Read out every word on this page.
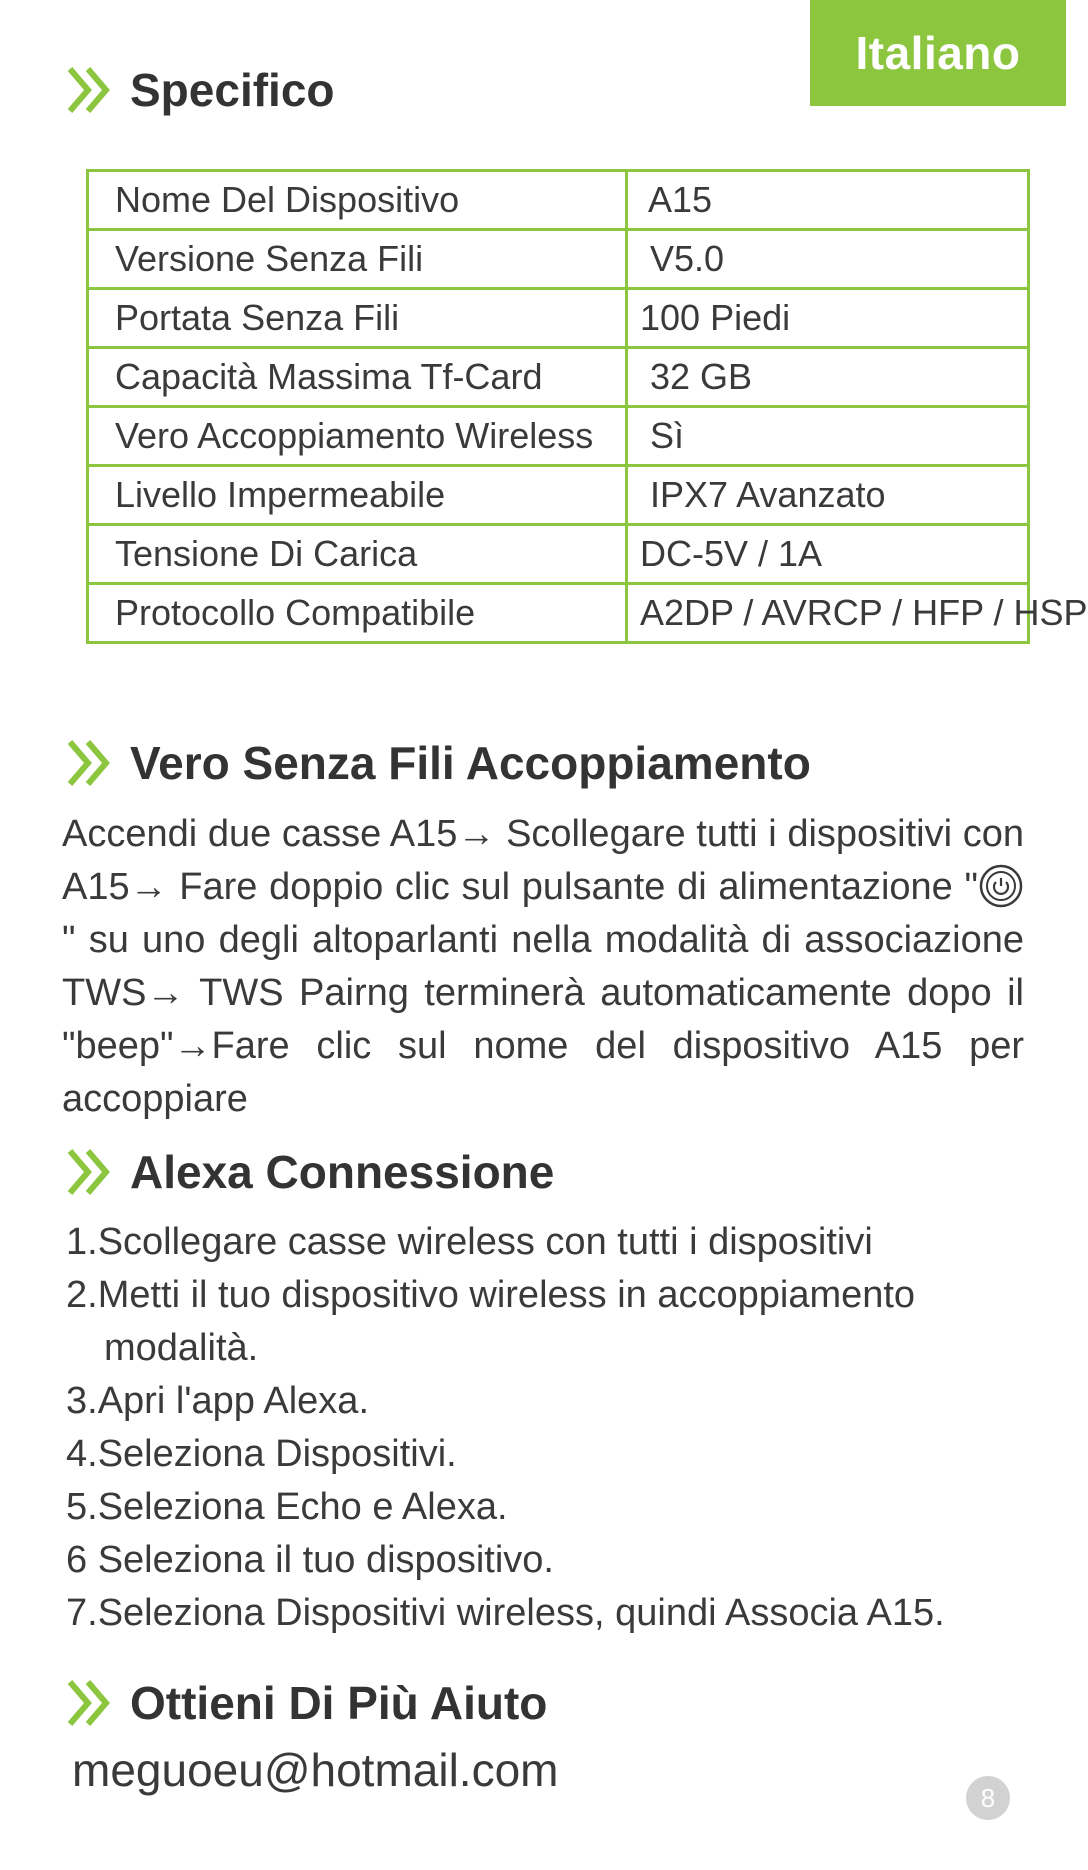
Italiano
Specifico
Nome Del Dispositivo	A15
Versione Senza Fili	V5.0
Portata Senza Fili	100 Piedi
Capacità Massima Tf-Card	32 GB
Vero Accoppiamento Wireless	Sì
Livello Impermeabile	IPX7 Avanzato
Tensione Di Carica	DC-5V / 1A
Protocollo Compatibile	A2DP / AVRCP / HFP / HSP
Vero Senza Fili Accoppiamento
Accendi due casse A15→ Scollegare tutti i dispositivi con A15→ Fare doppio clic sul pulsante di alimentazione "" su uno degli altoparlanti nella modalità di associazione TWS→ TWS Pairng terminerà automaticamente dopo il "beep"→Fare clic sul nome del dispositivo A15 per accoppiare
Alexa Connessione
1.Scollegare casse wireless con tutti i dispositivi
2.Metti il tuo dispositivo wireless in accoppiamento
modalità.
3.Apri l'app Alexa.
4.Seleziona Dispositivi.
5.Seleziona Echo e Alexa.
6 Seleziona il tuo dispositivo.
7.Seleziona Dispositivi wireless, quindi Associa A15.
Ottieni Di Più Aiuto
meguoeu@hotmail.com
8
